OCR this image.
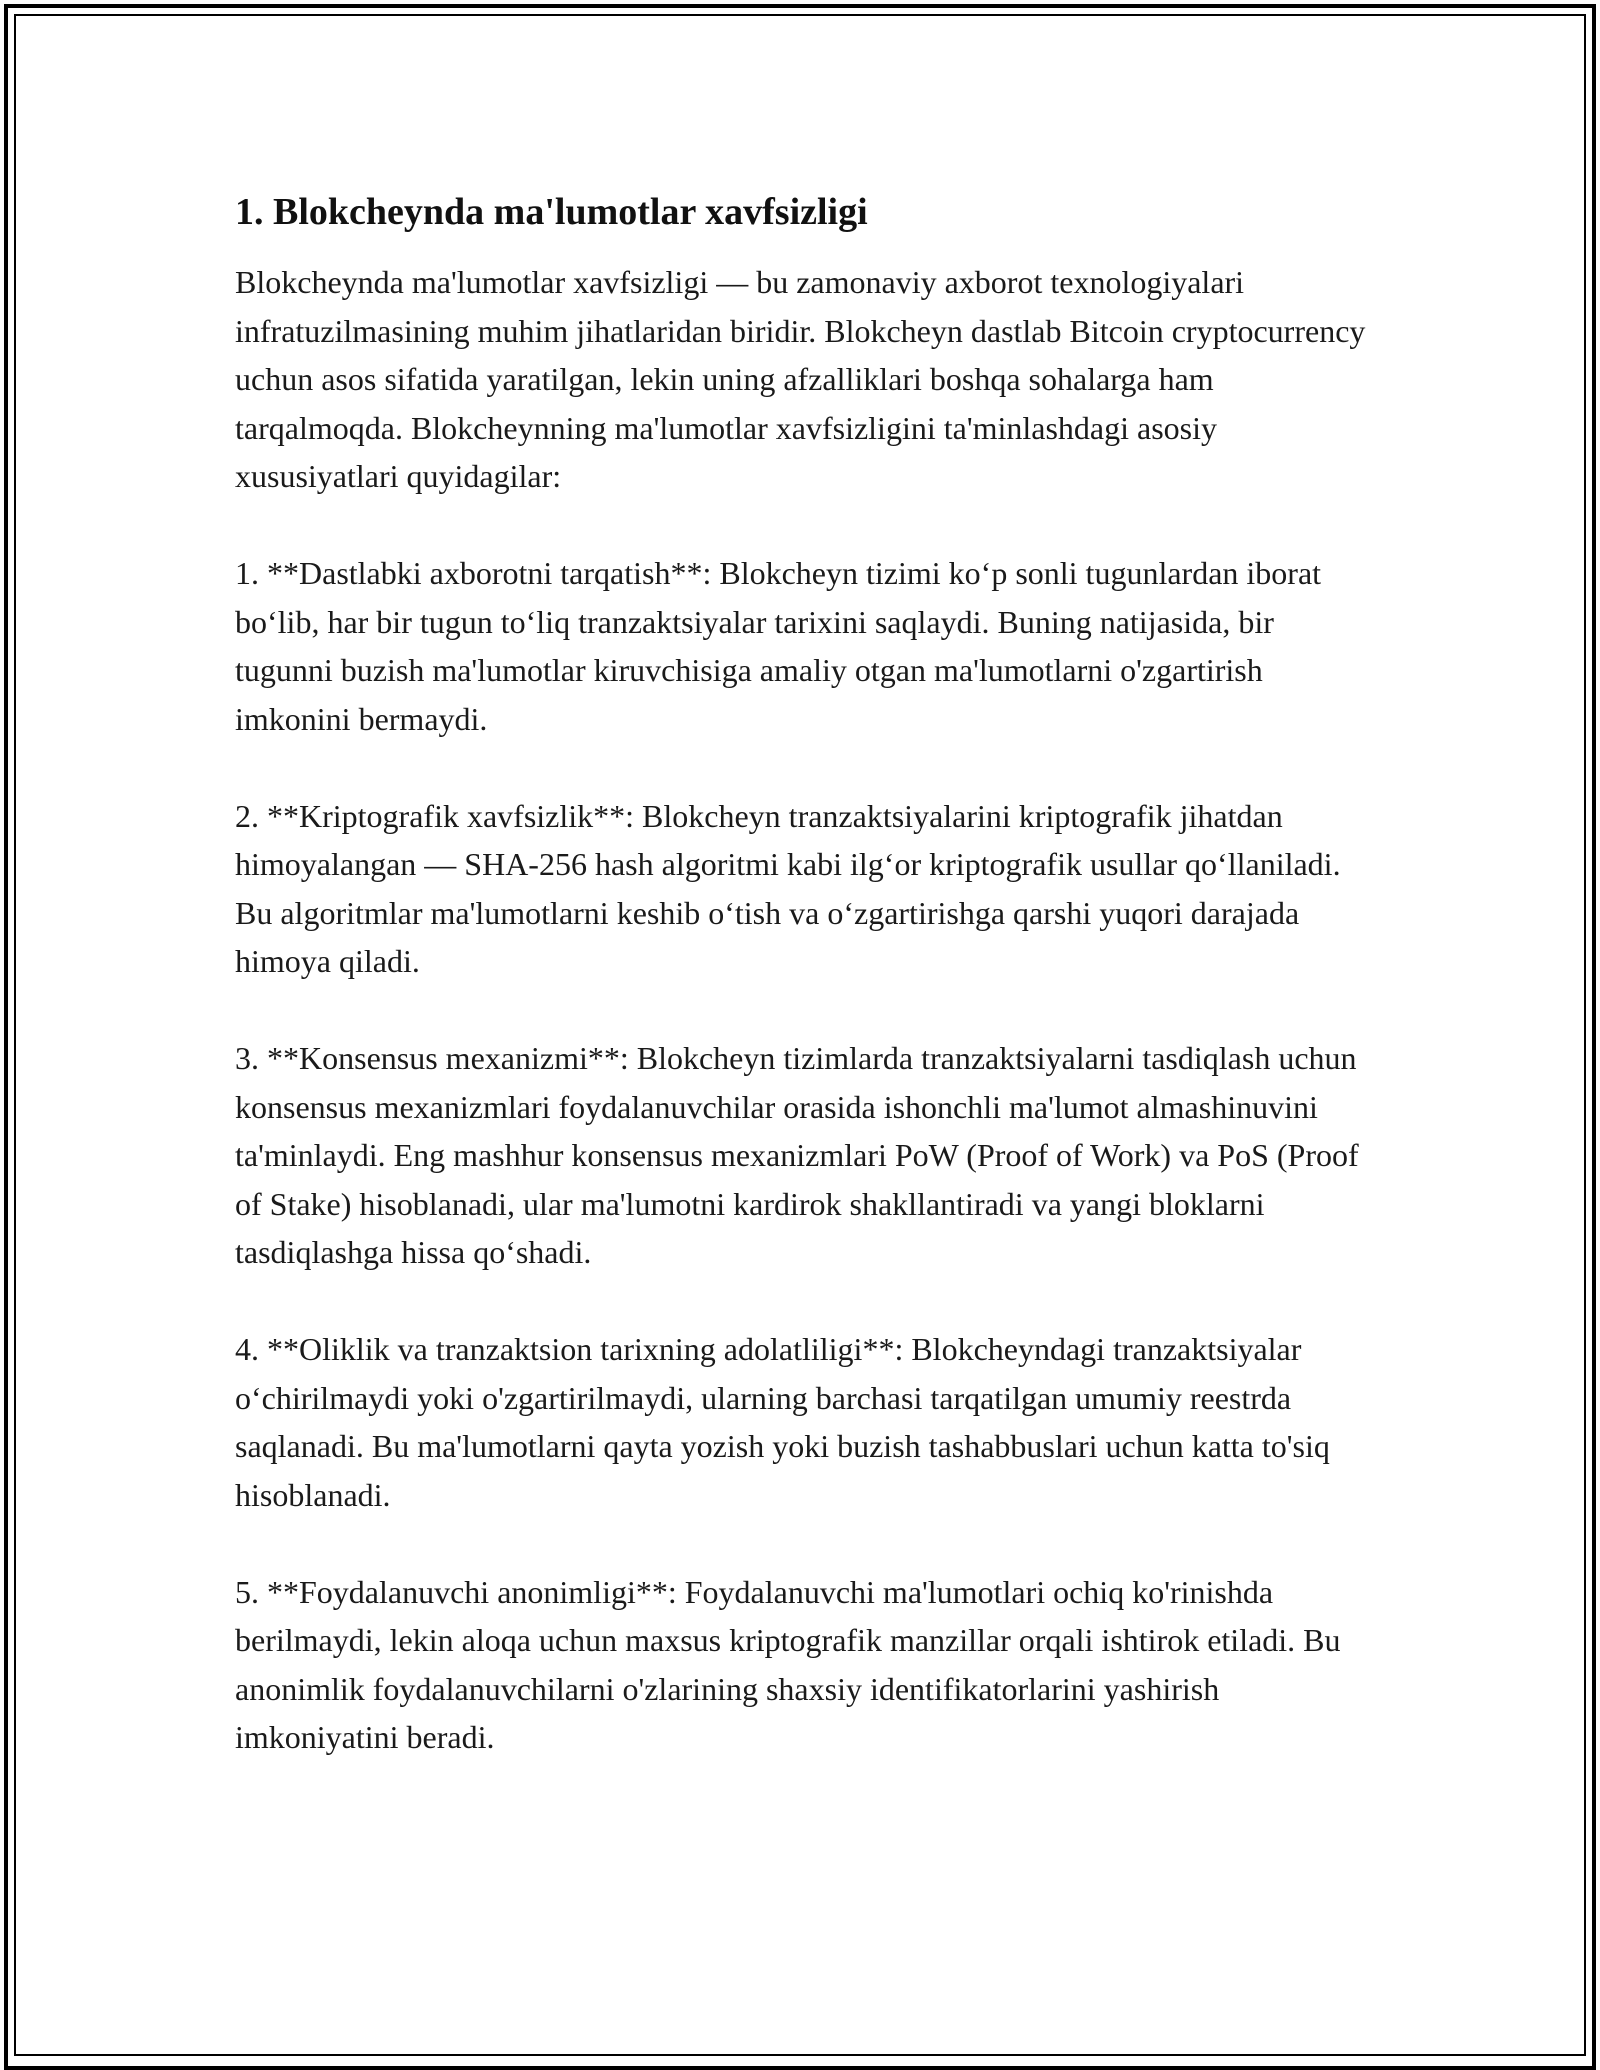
1. Blokcheynda ma'lumotlar xavfsizligi

Blokcheynda ma'lumotlar xavfsizligi — bu zamonaviy axborot texnologiyalari infratuzilmasining muhim jihatlaridan biridir. Blokcheyn dastlab Bitcoin cryptocurrency uchun asos sifatida yaratilgan, lekin uning afzalliklari boshqa sohalarga ham tarqalmoqda. Blokcheynning ma'lumotlar xavfsizligini ta'minlashdagi asosiy xususiyatlari quyidagilar:

1. **Dastlabki axborotni tarqatish**: Blokcheyn tizimi ko‘p sonli tugunlardan iborat bo‘lib, har bir tugun to‘liq tranzaktsiyalar tarixini saqlaydi. Buning natijasida, bir tugunni buzish ma'lumotlar kiruvchisiga amaliy otgan ma'lumotlarni o'zgartirish imkonini bermaydi.

2. **Kriptografik xavfsizlik**: Blokcheyn tranzaktsiyalarini kriptografik jihatdan himoyalangan — SHA-256 hash algoritmi kabi ilg‘or kriptografik usullar qo‘llaniladi. Bu algoritmlar ma'lumotlarni keshib o‘tish va o‘zgartirishga qarshi yuqori darajada himoya qiladi.

3. **Konsensus mexanizmi**: Blokcheyn tizimlarda tranzaktsiyalarni tasdiqlash uchun konsensus mexanizmlari foydalanuvchilar orasida ishonchli ma'lumot almashinuvini ta'minlaydi. Eng mashhur konsensus mexanizmlari PoW (Proof of Work) va PoS (Proof of Stake) hisoblanadi, ular ma'lumotni kardirok shakllantiradi va yangi bloklarni tasdiqlashga hissa qo‘shadi.

4. **Oliklik va tranzaktsion tarixning adolatliligi**: Blokcheyndagi tranzaktsiyalar o‘chirilmaydi yoki o'zgartirilmaydi, ularning barchasi tarqatilgan umumiy reestrda saqlanadi. Bu ma'lumotlarni qayta yozish yoki buzish tashabbuslari uchun katta to'siq hisoblanadi.

5. **Foydalanuvchi anonimligi**: Foydalanuvchi ma'lumotlari ochiq ko'rinishda berilmaydi, lekin aloqa uchun maxsus kriptografik manzillar orqali ishtirok etiladi. Bu anonimlik foydalanuvchilarni o'zlarining shaxsiy identifikatorlarini yashirish imkoniyatini beradi.
